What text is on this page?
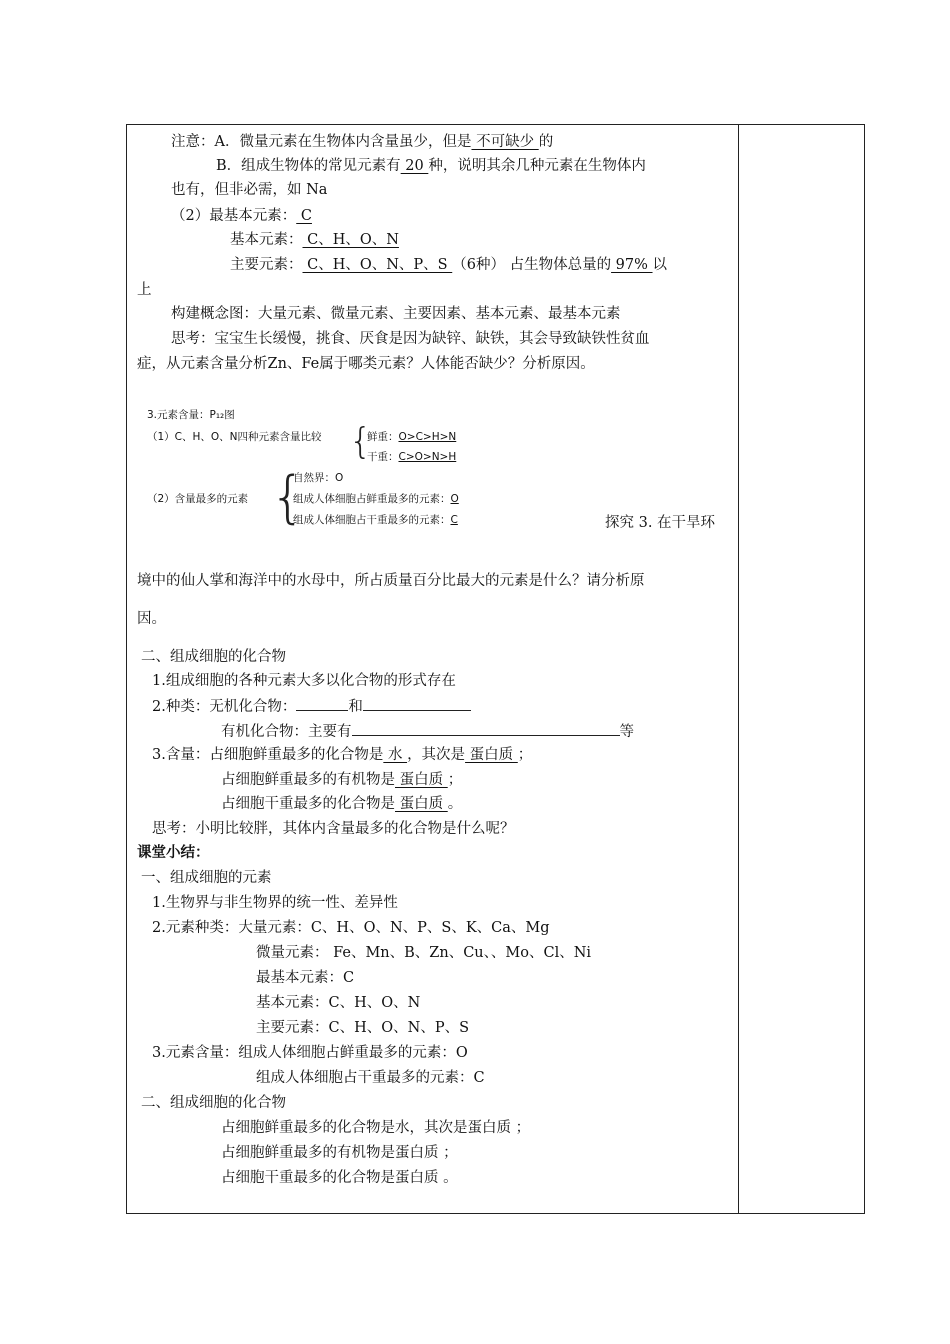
注意：A．微量元素在生物体内含量虽少，但是 不可缺少 的
B．组成生物体的常见元素有 20 种，说明其余几种元素在生物体内
也有，但非必需，如 Na
（2）最基本元素： C
基本元素： C、H、O、N
主要元素： C、H、O、N、P、S （6种） 占生物体总量的 97% 以
上
构建概念图：大量元素、微量元素、主要因素、基本元素、最基本元素
思考：宝宝生长缓慢，挑食、厌食是因为缺锌、缺铁，其会导致缺铁性贫血
症，从元素含量分析Zn、Fe属于哪类元素？人体能否缺少？分析原因。
3.元素含量：P₁₂图
（1）C、H、O、N四种元素含量比较 {
鲜重：O>C>H>N
干重：C>O>N>H
（2）含量最多的元素 {
自然界：O
组成人体细胞占鲜重最多的元素：O
组成人体细胞占干重最多的元素：C	探究 3. 在干旱环
境中的仙人掌和海洋中的水母中，所占质量百分比最大的元素是什么？请分析原
因。
二、组成细胞的化合物
1.组成细胞的各种元素大多以化合物的形式存在
2.种类：无机化合物：	和
有机化合物：主要有	等
3.含量：占细胞鲜重最多的化合物是 水 ，其次是 蛋白质 ；
占细胞鲜重最多的有机物是 蛋白质 ；
占细胞干重最多的化合物是 蛋白质 。
思考：小明比较胖，其体内含量最多的化合物是什么呢？
课堂小结：
一、组成细胞的元素
1.生物界与非生物界的统一性、差异性
2.元素种类：大量元素：C、H、O、N、P、S、K、Ca、Mg
微量元素： Fe、Mn、B、Zn、Cu、、Mo、Cl、Ni
最基本元素：C
基本元素：C、H、O、N
主要元素：C、H、O、N、P、S
3.元素含量：组成人体细胞占鲜重最多的元素：O
组成人体细胞占干重最多的元素：C
二、组成细胞的化合物
占细胞鲜重最多的化合物是水，其次是蛋白质 ；
占细胞鲜重最多的有机物是蛋白质 ；
占细胞干重最多的化合物是蛋白质 。
